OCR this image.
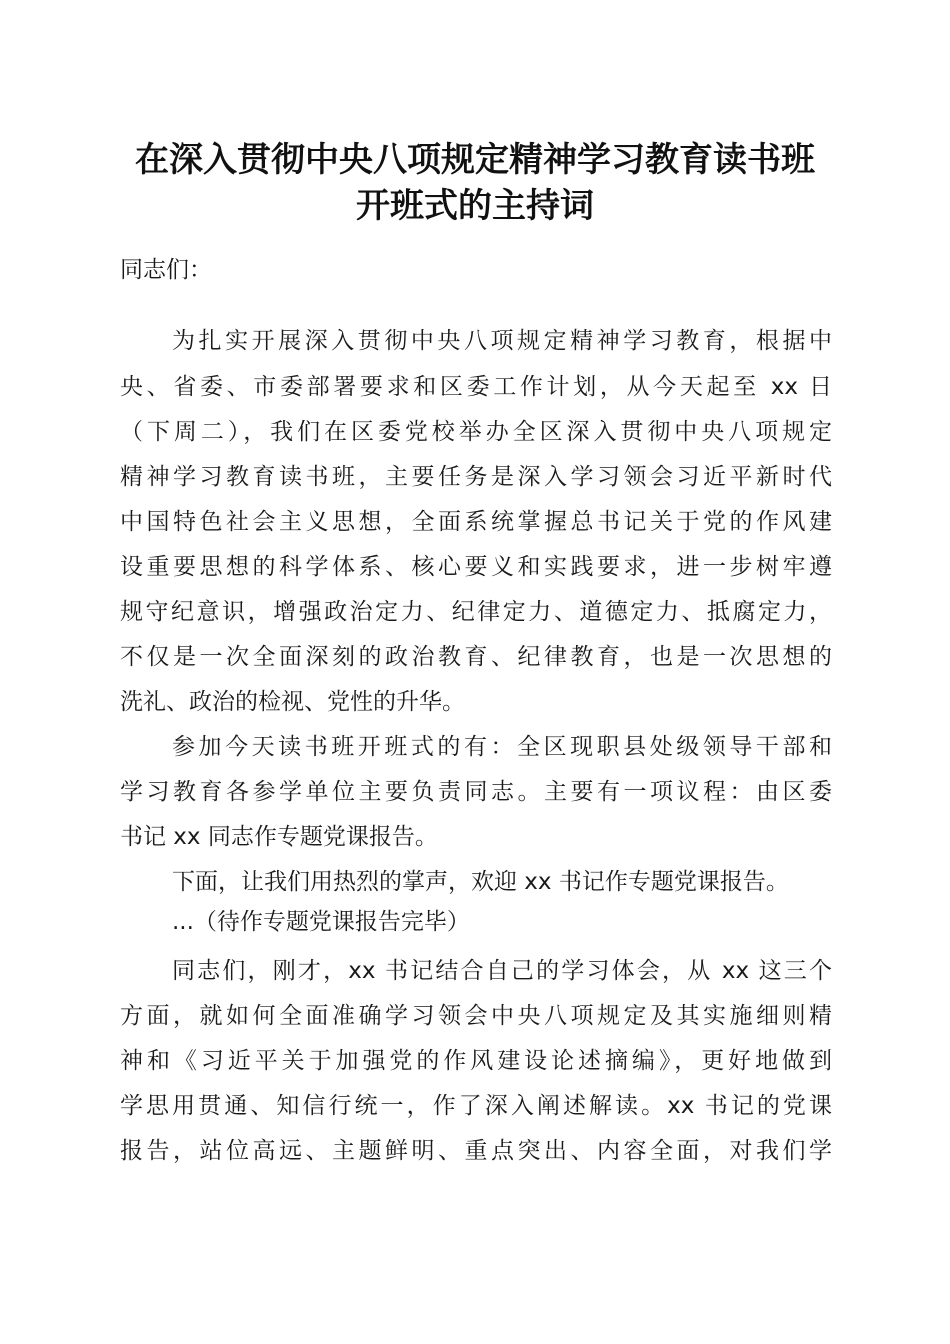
在深入贯彻中央八项规定精神学习教育读书班
开班式的主持词
同志们：
为扎实开展深入贯彻中央八项规定精神学习教育，根据中
央、省委、市委部署要求和区委工作计划，从今天起至 xx 日
（下周二），我们在区委党校举办全区深入贯彻中央八项规定
精神学习教育读书班，主要任务是深入学习领会习近平新时代
中国特色社会主义思想，全面系统掌握总书记关于党的作风建
设重要思想的科学体系、核心要义和实践要求，进一步树牢遵
规守纪意识，增强政治定力、纪律定力、道德定力、抵腐定力，
不仅是一次全面深刻的政治教育、纪律教育，也是一次思想的
洗礼、政治的检视、党性的升华。
参加今天读书班开班式的有：全区现职县处级领导干部和
学习教育各参学单位主要负责同志。主要有一项议程：由区委
书记 xx 同志作专题党课报告。
下面，让我们用热烈的掌声，欢迎 xx 书记作专题党课报告。
...（待作专题党课报告完毕）
同志们，刚才，xx 书记结合自己的学习体会，从 xx 这三个
方面，就如何全面准确学习领会中央八项规定及其实施细则精
神和《习近平关于加强党的作风建设论述摘编》，更好地做到
学思用贯通、知信行统一，作了深入阐述解读。xx 书记的党课
报告，站位高远、主题鲜明、重点突出、内容全面，对我们学
